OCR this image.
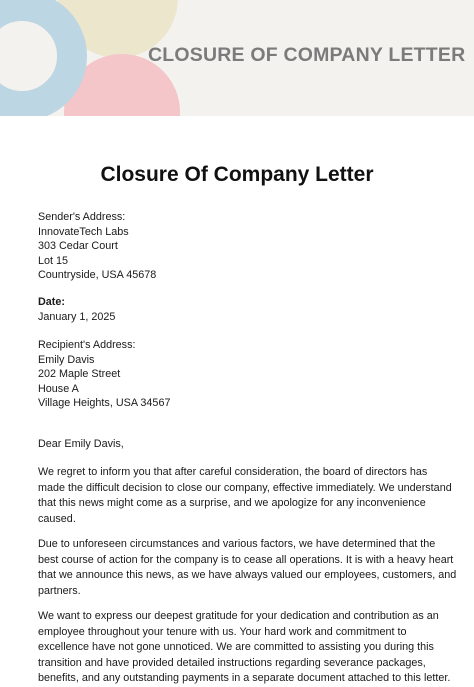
CLOSURE OF COMPANY LETTER
Closure Of Company Letter
Sender's Address:
InnovateTech Labs
303 Cedar Court
Lot 15
Countryside, USA 45678
Date:
January 1, 2025
Recipient's Address:
Emily Davis
202 Maple Street
House A
Village Heights, USA 34567
Dear Emily Davis,
We regret to inform you that after careful consideration, the board of directors has
made the difficult decision to close our company, effective immediately. We understand
that this news might come as a surprise, and we apologize for any inconvenience
caused.
Due to unforeseen circumstances and various factors, we have determined that the
best course of action for the company is to cease all operations. It is with a heavy heart
that we announce this news, as we have always valued our employees, customers, and
partners.
We want to express our deepest gratitude for your dedication and contribution as an
employee throughout your tenure with us. Your hard work and commitment to
excellence have not gone unnoticed. We are committed to assisting you during this
transition and have provided detailed instructions regarding severance packages,
benefits, and any outstanding payments in a separate document attached to this letter.
